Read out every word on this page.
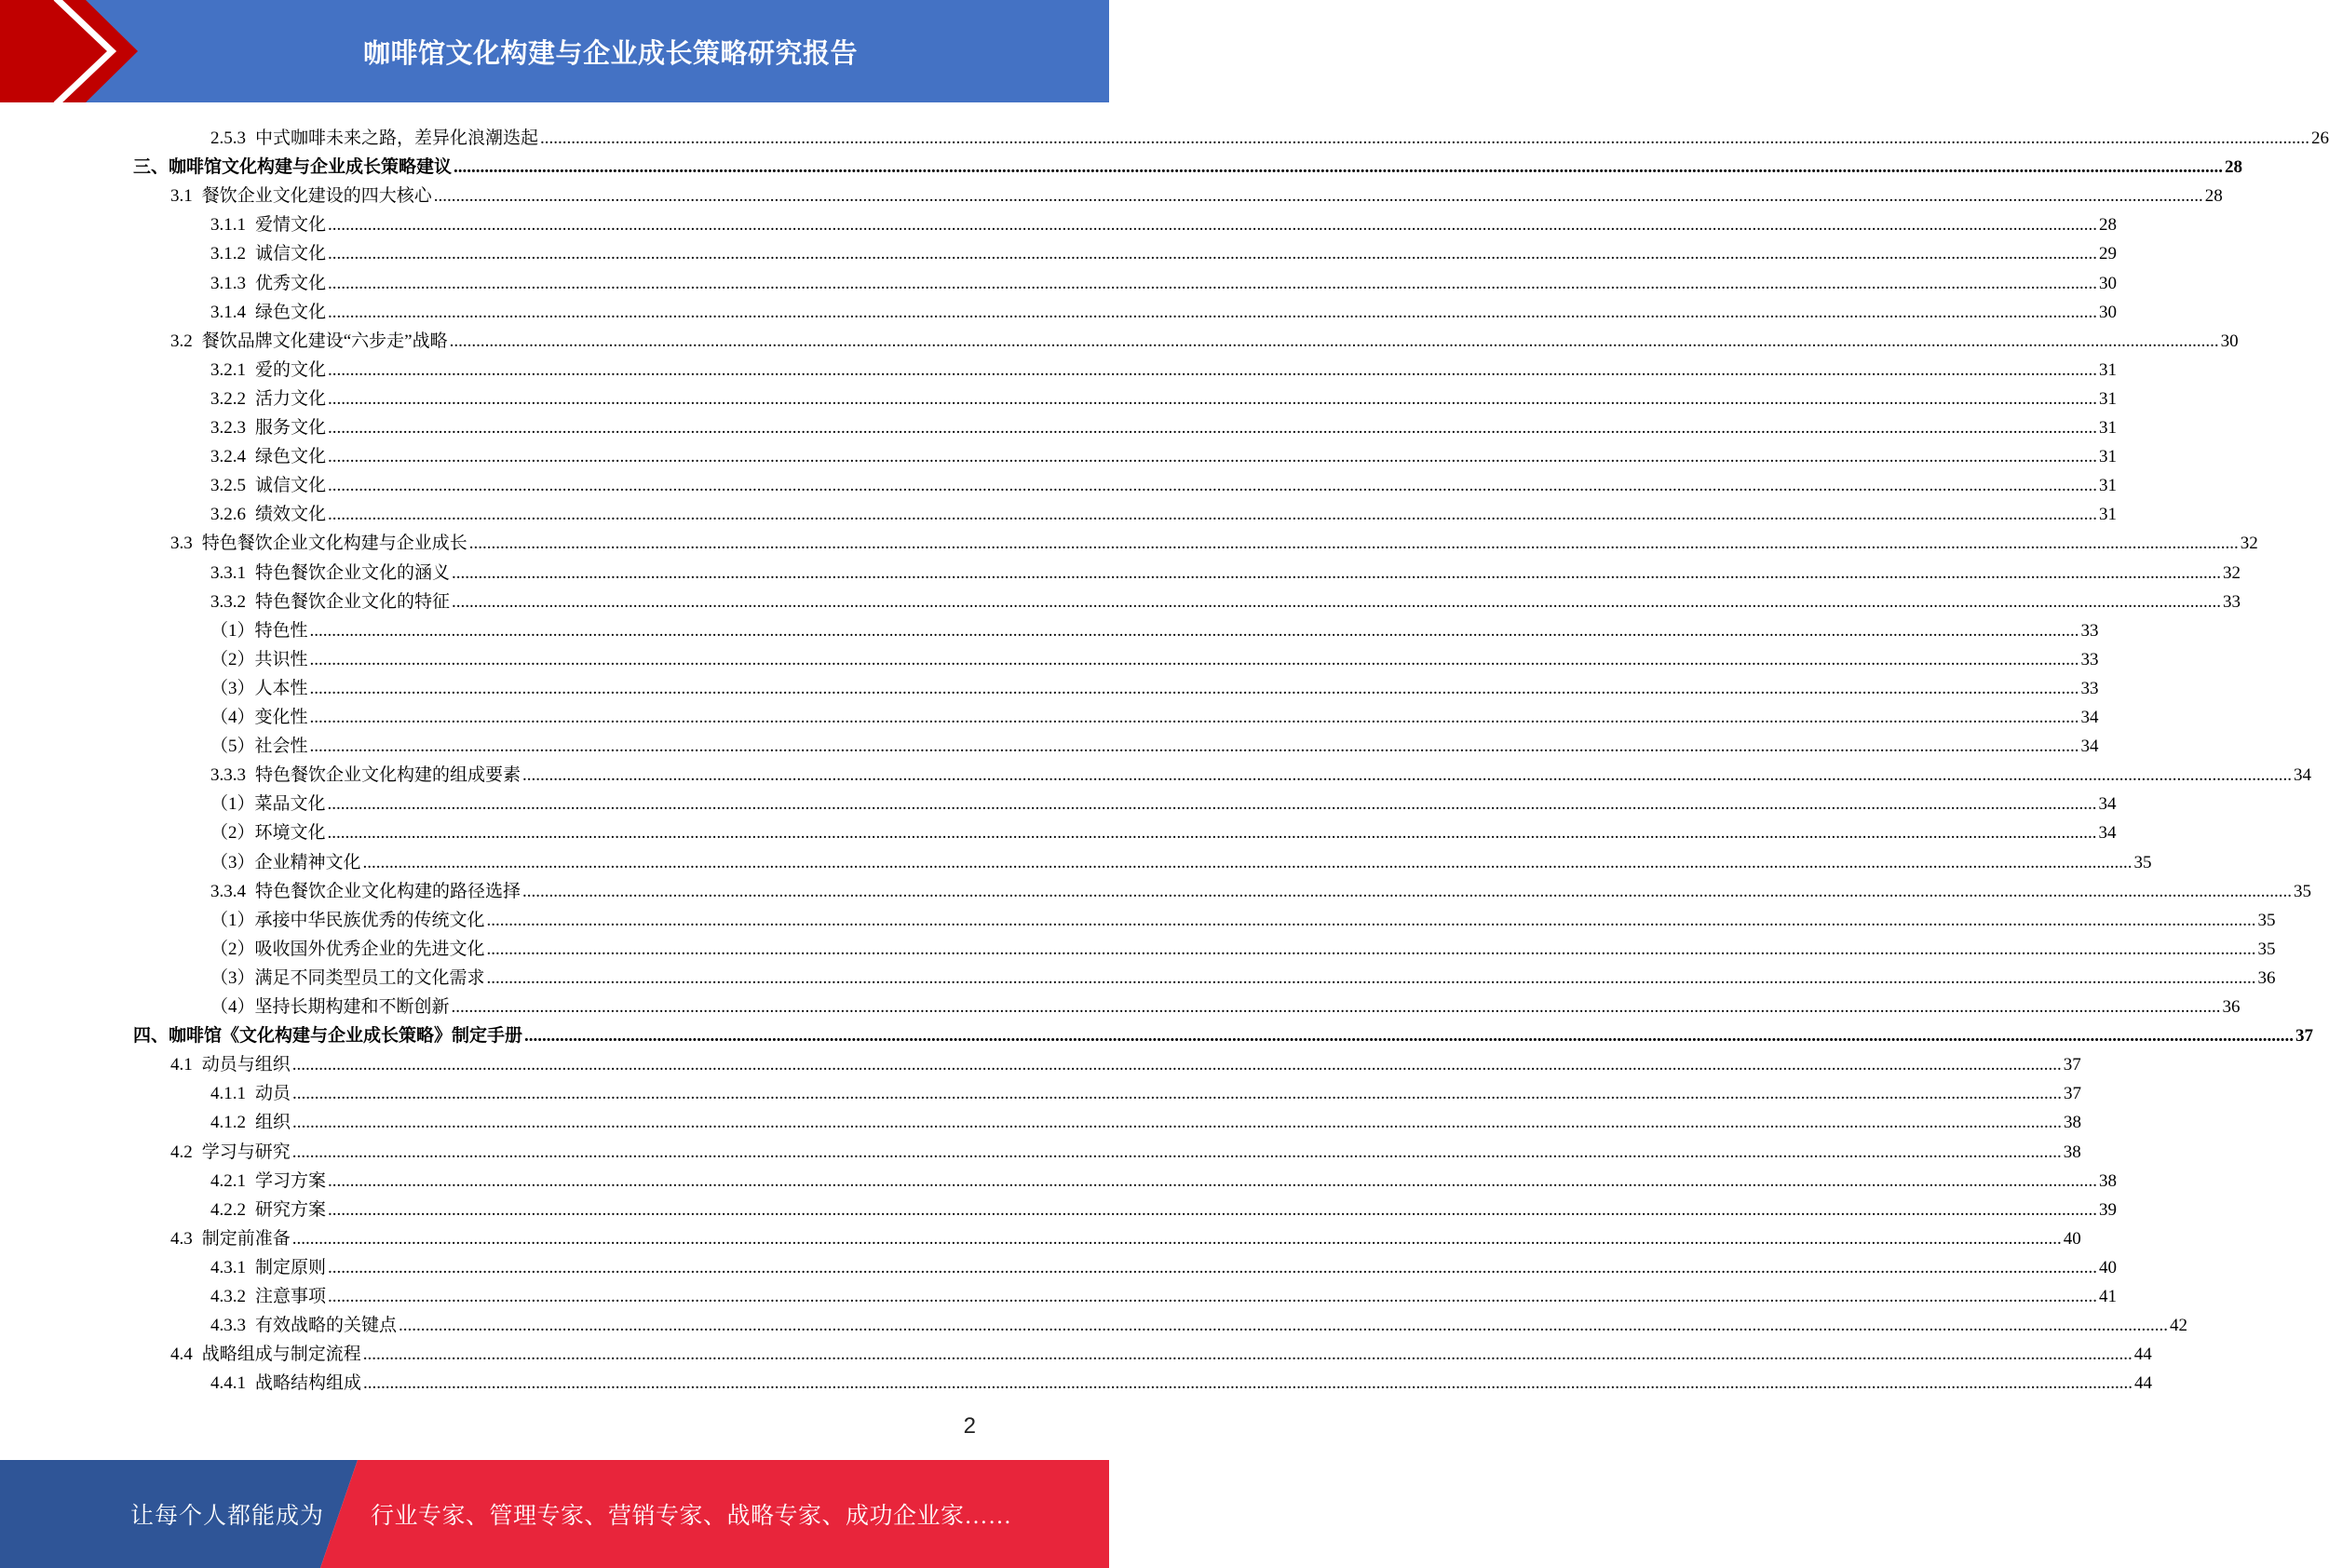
咖啡馆文化构建与企业成长策略研究报告
2.5.3 中式咖啡未来之路，差异化浪潮迭起 ................................................................................................................................................................................................................................................................................................................................................................................................................ 26
三、咖啡馆文化构建与企业成长策略建议 ................................................................................................................................................................................................................................................................................................................................................................................................................ 28
3.1 餐饮企业文化建设的四大核心 ................................................................................................................................................................................................................................................................................................................................................................................................................ 28
3.1.1 爱情文化 ................................................................................................................................................................................................................................................................................................................................................................................................................ 28
3.1.2 诚信文化 ................................................................................................................................................................................................................................................................................................................................................................................................................ 29
3.1.3 优秀文化 ................................................................................................................................................................................................................................................................................................................................................................................................................ 30
3.1.4 绿色文化 ................................................................................................................................................................................................................................................................................................................................................................................................................ 30
3.2 餐饮品牌文化建设“六步走”战略 ................................................................................................................................................................................................................................................................................................................................................................................................................ 30
3.2.1 爱的文化 ................................................................................................................................................................................................................................................................................................................................................................................................................ 31
3.2.2 活力文化 ................................................................................................................................................................................................................................................................................................................................................................................................................ 31
3.2.3 服务文化 ................................................................................................................................................................................................................................................................................................................................................................................................................ 31
3.2.4 绿色文化 ................................................................................................................................................................................................................................................................................................................................................................................................................ 31
3.2.5 诚信文化 ................................................................................................................................................................................................................................................................................................................................................................................................................ 31
3.2.6 绩效文化 ................................................................................................................................................................................................................................................................................................................................................................................................................ 31
3.3 特色餐饮企业文化构建与企业成长 ................................................................................................................................................................................................................................................................................................................................................................................................................ 32
3.3.1 特色餐饮企业文化的涵义 ................................................................................................................................................................................................................................................................................................................................................................................................................ 32
3.3.2 特色餐饮企业文化的特征 ................................................................................................................................................................................................................................................................................................................................................................................................................ 33
（1）特色性 ................................................................................................................................................................................................................................................................................................................................................................................................................ 33
（2）共识性 ................................................................................................................................................................................................................................................................................................................................................................................................................ 33
（3）人本性 ................................................................................................................................................................................................................................................................................................................................................................................................................ 33
（4）变化性 ................................................................................................................................................................................................................................................................................................................................................................................................................ 34
（5）社会性 ................................................................................................................................................................................................................................................................................................................................................................................................................ 34
3.3.3 特色餐饮企业文化构建的组成要素 ................................................................................................................................................................................................................................................................................................................................................................................................................ 34
（1）菜品文化 ................................................................................................................................................................................................................................................................................................................................................................................................................ 34
（2）环境文化 ................................................................................................................................................................................................................................................................................................................................................................................................................ 34
（3）企业精神文化 ................................................................................................................................................................................................................................................................................................................................................................................................................ 35
3.3.4 特色餐饮企业文化构建的路径选择 ................................................................................................................................................................................................................................................................................................................................................................................................................ 35
（1）承接中华民族优秀的传统文化 ................................................................................................................................................................................................................................................................................................................................................................................................................ 35
（2）吸收国外优秀企业的先进文化 ................................................................................................................................................................................................................................................................................................................................................................................................................ 35
（3）满足不同类型员工的文化需求 ................................................................................................................................................................................................................................................................................................................................................................................................................ 36
（4）坚持长期构建和不断创新 ................................................................................................................................................................................................................................................................................................................................................................................................................ 36
四、咖啡馆《文化构建与企业成长策略》制定手册 ................................................................................................................................................................................................................................................................................................................................................................................................................ 37
4.1 动员与组织 ................................................................................................................................................................................................................................................................................................................................................................................................................ 37
4.1.1 动员 ................................................................................................................................................................................................................................................................................................................................................................................................................ 37
4.1.2 组织 ................................................................................................................................................................................................................................................................................................................................................................................................................ 38
4.2 学习与研究 ................................................................................................................................................................................................................................................................................................................................................................................................................ 38
4.2.1 学习方案 ................................................................................................................................................................................................................................................................................................................................................................................................................ 38
4.2.2 研究方案 ................................................................................................................................................................................................................................................................................................................................................................................................................ 39
4.3 制定前准备 ................................................................................................................................................................................................................................................................................................................................................................................................................ 40
4.3.1 制定原则 ................................................................................................................................................................................................................................................................................................................................................................................................................ 40
4.3.2 注意事项 ................................................................................................................................................................................................................................................................................................................................................................................................................ 41
4.3.3 有效战略的关键点 ................................................................................................................................................................................................................................................................................................................................................................................................................ 42
4.4 战略组成与制定流程 ................................................................................................................................................................................................................................................................................................................................................................................................................ 44
4.4.1 战略结构组成 ................................................................................................................................................................................................................................................................................................................................................................................................................ 44
2
让每个人都能成为 行业专家、管理专家、营销专家、战略专家、成功企业家……
